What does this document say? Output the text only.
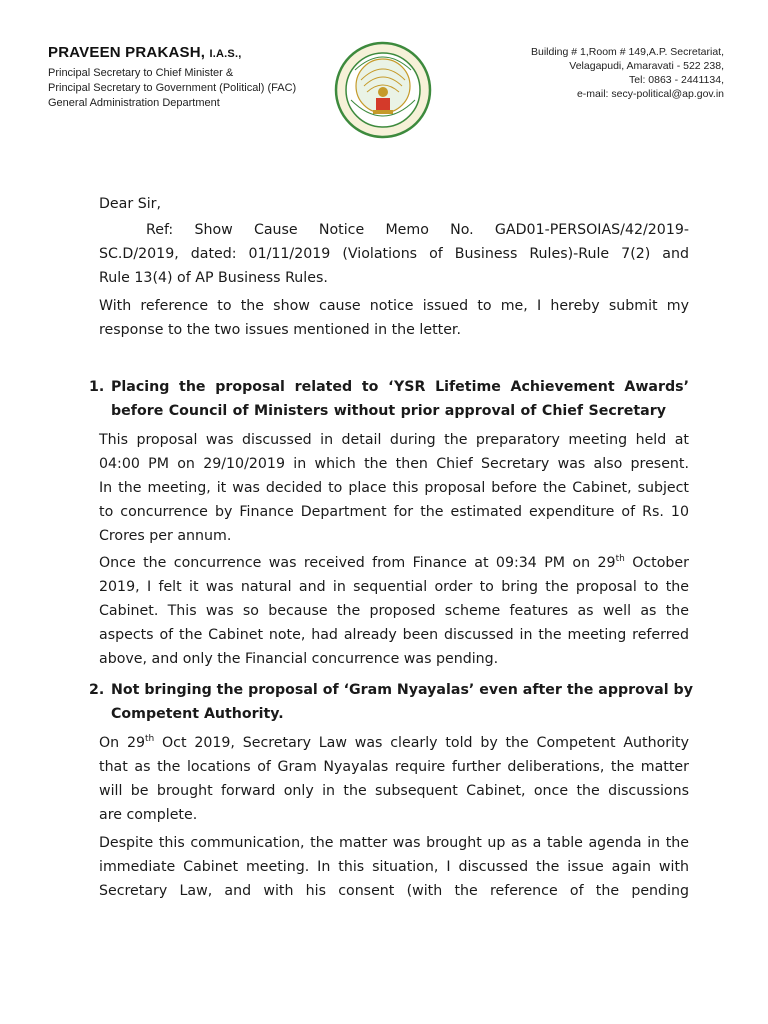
PRAVEEN PRAKASH, I.A.S.,
Principal Secretary to Chief Minister &
Principal Secretary to Government (Political) (FAC)
General Administration Department
Building # 1,Room # 149,A.P. Secretariat,
Velagapudi, Amaravati - 522 238,
Tel: 0863 - 2441134,
e-mail: secy-political@ap.gov.in
Dear Sir,
Ref: Show Cause Notice Memo No. GAD01-PERSOIAS/42/2019-
SC.D/2019, dated: 01/11/2019 (Violations of Business Rules)-Rule 7(2) and
Rule 13(4) of AP Business Rules.
With reference to the show cause notice issued to me, I hereby submit my
response to the two issues mentioned in the letter.
1. Placing the proposal related to ‘YSR Lifetime Achievement Awards’
before Council of Ministers without prior approval of Chief Secretary
This proposal was discussed in detail during the preparatory meeting held at
04:00 PM on 29/10/2019 in which the then Chief Secretary was also present.
In the meeting, it was decided to place this proposal before the Cabinet, subject
to concurrence by Finance Department for the estimated expenditure of Rs. 10
Crores per annum.
Once the concurrence was received from Finance at 09:34 PM on 29th October
2019, I felt it was natural and in sequential order to bring the proposal to the
Cabinet. This was so because the proposed scheme features as well as the
aspects of the Cabinet note, had already been discussed in the meeting referred
above, and only the Financial concurrence was pending.
2. Not bringing the proposal of ‘Gram Nyayalas’ even after the approval by
Competent Authority.
On 29th Oct 2019, Secretary Law was clearly told by the Competent Authority
that as the locations of Gram Nyayalas require further deliberations, the matter
will be brought forward only in the subsequent Cabinet, once the discussions
are complete.
Despite this communication, the matter was brought up as a table agenda in the
immediate Cabinet meeting. In this situation, I discussed the issue again with
Secretary Law, and with his consent (with the reference of the pending
